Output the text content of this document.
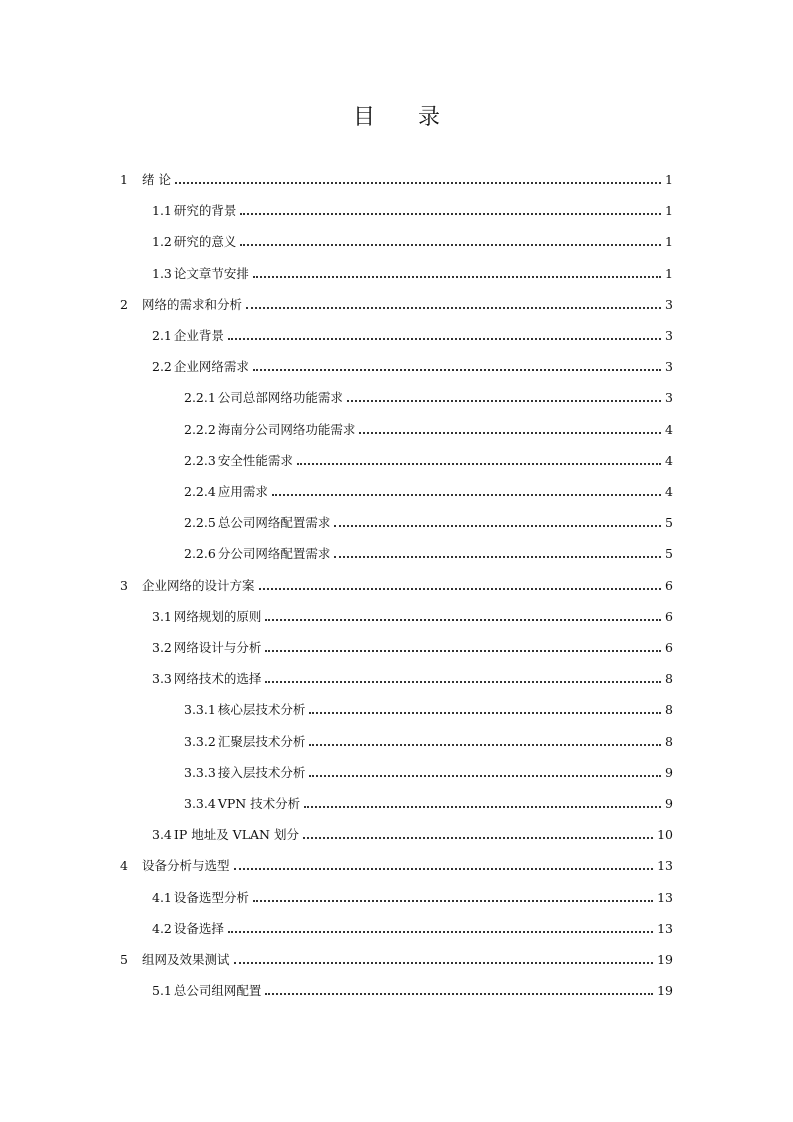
目 录
1	绪 论	1
1.1 研究的背景	1
1.2 研究的意义	1
1.3 论文章节安排	1
2	网络的需求和分析	3
2.1 企业背景	3
2.2 企业网络需求	3
2.2.1 公司总部网络功能需求	3
2.2.2 海南分公司网络功能需求	4
2.2.3 安全性能需求	4
2.2.4 应用需求	4
2.2.5 总公司网络配置需求	5
2.2.6 分公司网络配置需求	5
3	企业网络的设计方案	6
3.1 网络规划的原则	6
3.2 网络设计与分析	6
3.3 网络技术的选择	8
3.3.1 核心层技术分析	8
3.3.2 汇聚层技术分析	8
3.3.3 接入层技术分析	9
3.3.4 VPN 技术分析	9
3.4 IP 地址及 VLAN 划分	10
4	设备分析与选型	13
4.1 设备选型分析	13
4.2 设备选择	13
5	组网及效果测试	19
5.1 总公司组网配置	19
